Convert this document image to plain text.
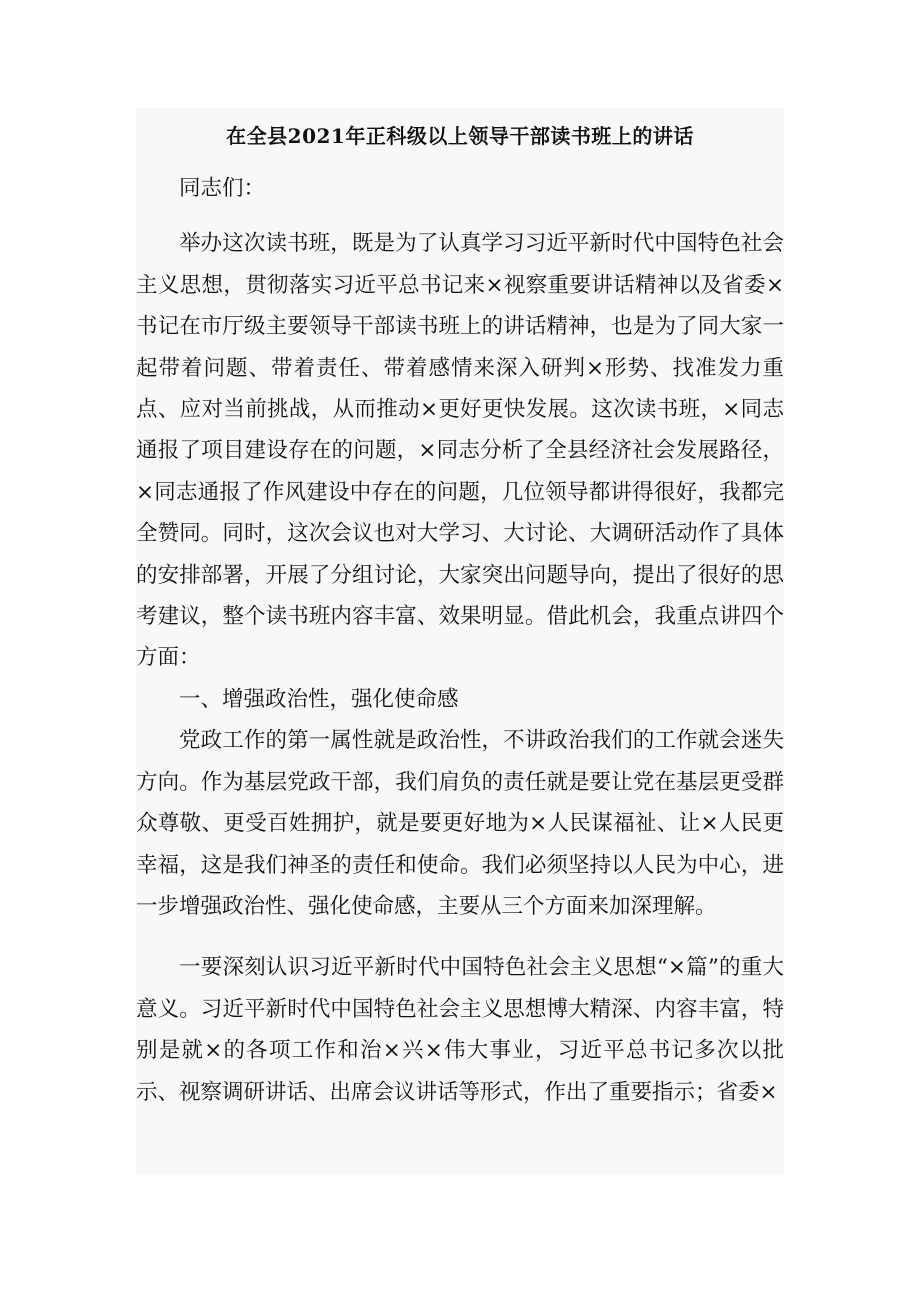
在全县2021年正科级以上领导干部读书班上的讲话

同志们：

举办这次读书班，既是为了认真学习习近平新时代中国特色社会主义思想，贯彻落实习近平总书记来×视察重要讲话精神以及省委×书记在市厅级主要领导干部读书班上的讲话精神，也是为了同大家一起带着问题、带着责任、带着感情来深入研判×形势、找准发力重点、应对当前挑战，从而推动×更好更快发展。这次读书班，×同志通报了项目建设存在的问题，×同志分析了全县经济社会发展路径，×同志通报了作风建设中存在的问题，几位领导都讲得很好，我都完全赞同。同时，这次会议也对大学习、大讨论、大调研活动作了具体的安排部署，开展了分组讨论，大家突出问题导向，提出了很好的思考建议，整个读书班内容丰富、效果明显。借此机会，我重点讲四个方面：

一、增强政治性，强化使命感

党政工作的第一属性就是政治性，不讲政治我们的工作就会迷失方向。作为基层党政干部，我们肩负的责任就是要让党在基层更受群众尊敬、更受百姓拥护，就是要更好地为×人民谋福祉、让×人民更幸福，这是我们神圣的责任和使命。我们必须坚持以人民为中心，进一步增强政治性、强化使命感，主要从三个方面来加深理解。

一要深刻认识习近平新时代中国特色社会主义思想“×篇”的重大意义。习近平新时代中国特色社会主义思想博大精深、内容丰富，特别是就×的各项工作和治×兴×伟大事业，习近平总书记多次以批示、视察调研讲话、出席会议讲话等形式，作出了重要指示；省委×
